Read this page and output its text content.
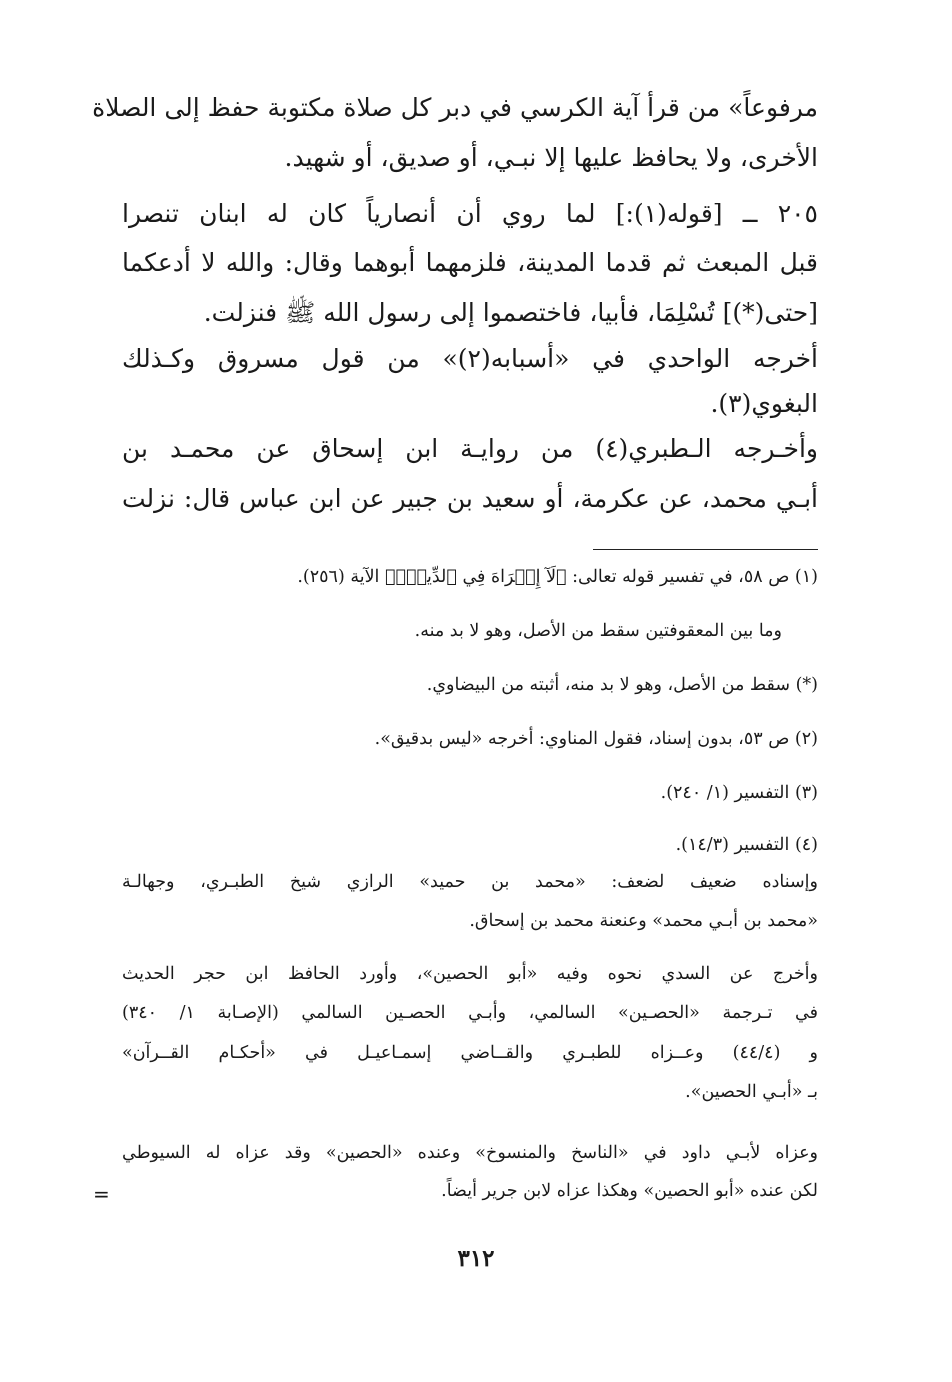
مرفوعاً» من قرأ آية الكرسي في دبر كل صلاة مكتوبة حفظ إلى الصلاة
الأخرى، ولا يحافظ عليها إلا نبـي، أو صديق، أو شهيد.
٢٠٥ ــ [قوله(١):] لما روي أن أنصارياً كان له ابنان تنصرا
قبل المبعث ثم قدما المدينة، فلزمهما أبوهما وقال: والله لا أدعكما
[حتى(*)] تُسْلِمَا، فأبيا، فاختصموا إلى رسول الله ﷺ فنزلت.
أخرجه الواحدي في «أسبابه(٢)» من قول مسروق وكـذلك
البغوي(٣).
وأخـرجه الـطبري(٤) من روايـة ابن إسحاق عن محمـد بن
أبـي محمد، عن عكرمة، أو سعيد بن جبير عن ابن عباس قال: نزلت
(١) ص ٥٨، في تفسير قوله تعالى: ﴿لَآ إِكۡرَاهَ فِي ٱلدِّينِۖ﴾ الآية (٢٥٦).
وما بين المعقوفتين سقط من الأصل، وهو لا بد منه.
(*) سقط من الأصل، وهو لا بد منه، أثبته من البيضاوي.
(٢) ص ٥٣، بدون إسناد، فقول المناوي: أخرجه «ليس بدقيق».
(٣) التفسير (١/ ٢٤٠).
(٤) التفسير (١٤/٣).
وإسناده ضعيف لضعف: «محمد بن حميد» الرازي شيخ الطبـري، وجهالـة
«محمد بن أبـي محمد» وعنعنة محمد بن إسحاق.
وأخرج عن السدي نحوه وفيه «أبو الحصين»، وأورد الحافظ ابن حجر الحديث
في تـرجمة «الحصـين» السالمي، وأبـي الحصـين السالمي (الإصـابة ١/ ٣٤٠)
و (٤٤/٤) وعــزاه للطبـري والقــاضي إسمـاعيـل في «أحكـام القــرآن»
بـ «أبـي الحصين».
وعزاه لأبـي داود في «الناسخ والمنسوخ» وعنده «الحصين» وقد عزاه له السيوطي
لكن عنده «أبو الحصين» وهكذا عزاه لابن جرير أيضاً.
=
٣١٢
